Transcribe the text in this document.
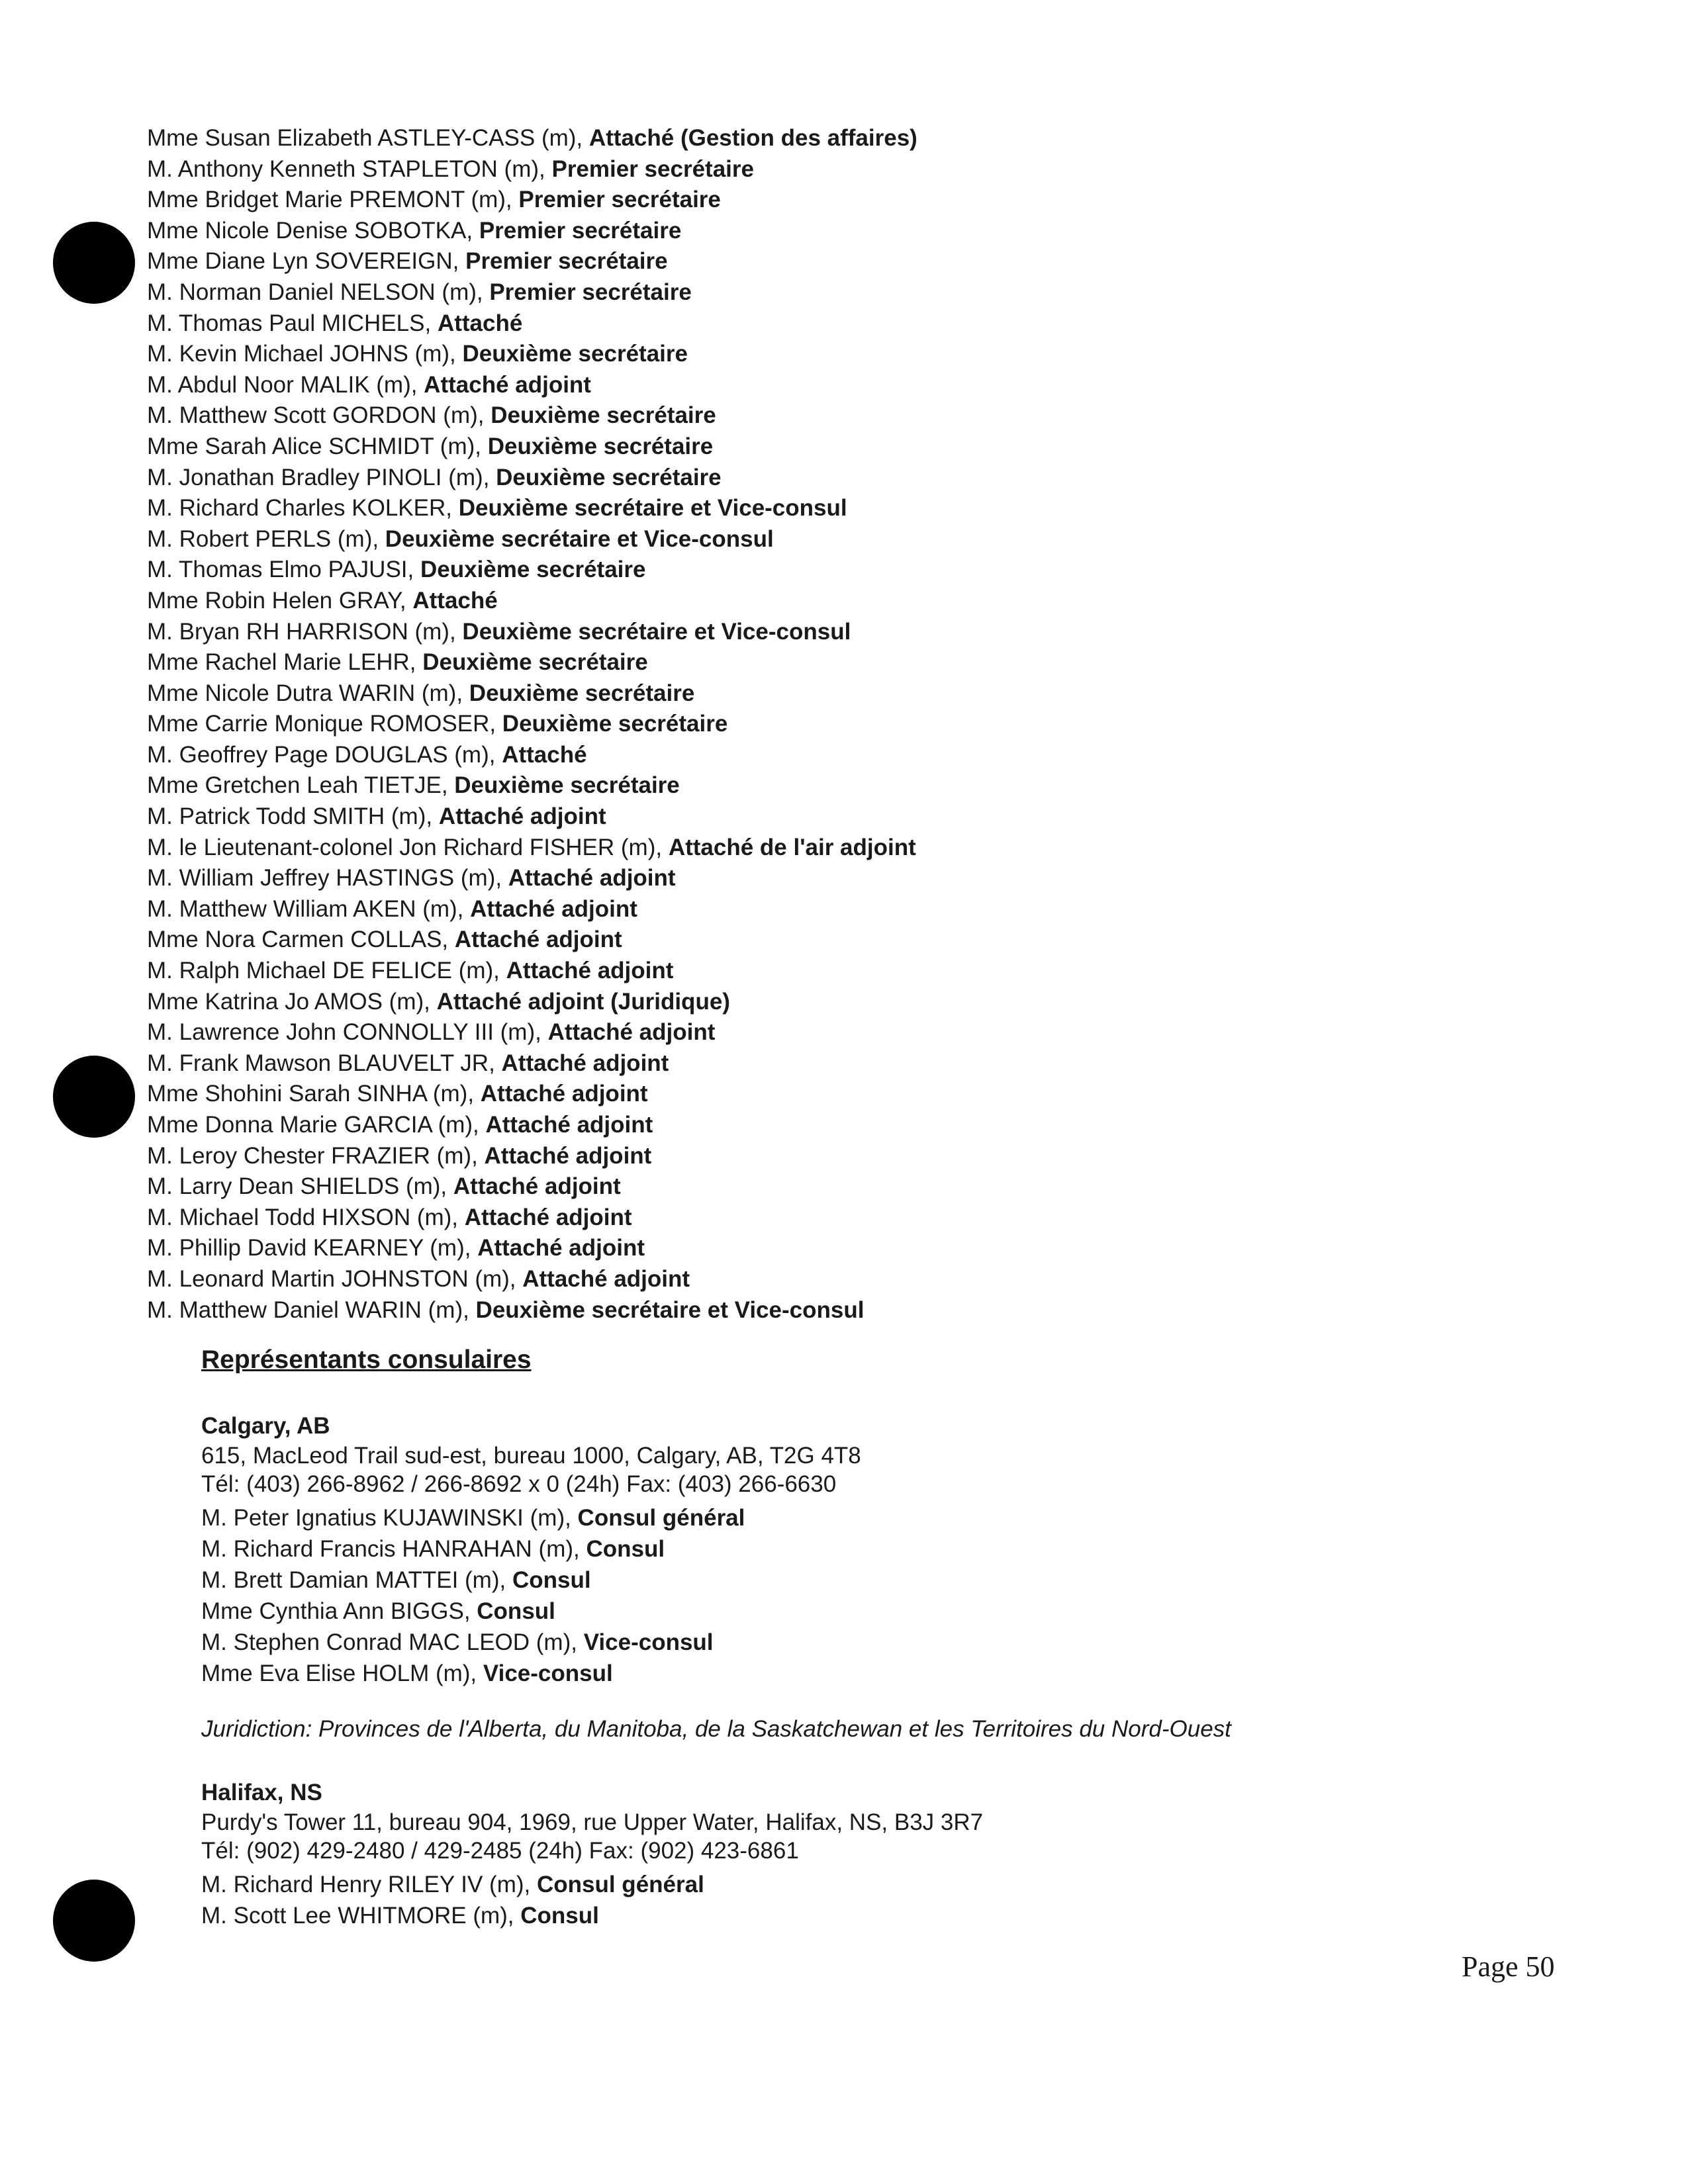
Mme Susan Elizabeth ASTLEY-CASS (m), Attaché (Gestion des affaires)
M. Anthony Kenneth STAPLETON (m), Premier secrétaire
Mme Bridget Marie PREMONT (m), Premier secrétaire
Mme Nicole Denise SOBOTKA, Premier secrétaire
Mme Diane Lyn SOVEREIGN, Premier secrétaire
M. Norman Daniel NELSON (m), Premier secrétaire
M. Thomas Paul MICHELS, Attaché
M. Kevin Michael JOHNS (m), Deuxième secrétaire
M. Abdul Noor MALIK (m), Attaché adjoint
M. Matthew Scott GORDON (m), Deuxième secrétaire
Mme Sarah Alice SCHMIDT (m), Deuxième secrétaire
M. Jonathan Bradley PINOLI (m), Deuxième secrétaire
M. Richard Charles KOLKER, Deuxième secrétaire et Vice-consul
M. Robert PERLS (m), Deuxième secrétaire et Vice-consul
M. Thomas Elmo PAJUSI, Deuxième secrétaire
Mme Robin Helen GRAY, Attaché
M. Bryan RH HARRISON (m), Deuxième secrétaire et Vice-consul
Mme Rachel Marie LEHR, Deuxième secrétaire
Mme Nicole Dutra WARIN (m), Deuxième secrétaire
Mme Carrie Monique ROMOSER, Deuxième secrétaire
M. Geoffrey Page DOUGLAS (m), Attaché
Mme Gretchen Leah TIETJE, Deuxième secrétaire
M. Patrick Todd SMITH (m), Attaché adjoint
M. le Lieutenant-colonel Jon Richard FISHER (m), Attaché de l'air adjoint
M. William Jeffrey HASTINGS (m), Attaché adjoint
M. Matthew William AKEN (m), Attaché adjoint
Mme Nora Carmen COLLAS, Attaché adjoint
M. Ralph Michael DE FELICE (m), Attaché adjoint
Mme Katrina Jo AMOS (m), Attaché adjoint (Juridique)
M. Lawrence John CONNOLLY III (m), Attaché adjoint
M. Frank Mawson BLAUVELT JR, Attaché adjoint
Mme Shohini Sarah SINHA (m), Attaché adjoint
Mme Donna Marie GARCIA (m), Attaché adjoint
M. Leroy Chester FRAZIER (m), Attaché adjoint
M. Larry Dean SHIELDS (m), Attaché adjoint
M. Michael Todd HIXSON (m), Attaché adjoint
M. Phillip David KEARNEY (m), Attaché adjoint
M. Leonard Martin JOHNSTON (m), Attaché adjoint
M. Matthew Daniel WARIN (m), Deuxième secrétaire et Vice-consul
Représentants consulaires
Calgary, AB
615, MacLeod Trail sud-est, bureau 1000, Calgary, AB, T2G 4T8
Tél: (403) 266-8962 / 266-8692 x 0 (24h) Fax: (403) 266-6630
M. Peter Ignatius KUJAWINSKI (m), Consul général
M. Richard Francis HANRAHAN (m), Consul
M. Brett Damian MATTEI (m), Consul
Mme Cynthia Ann BIGGS, Consul
M. Stephen Conrad MAC LEOD (m), Vice-consul
Mme Eva Elise HOLM (m), Vice-consul
Juridiction: Provinces de l'Alberta, du Manitoba, de la Saskatchewan et les Territoires du Nord-Ouest
Halifax, NS
Purdy's Tower 11, bureau 904, 1969, rue Upper Water, Halifax, NS, B3J 3R7
Tél: (902) 429-2480 / 429-2485 (24h) Fax: (902) 423-6861
M. Richard Henry RILEY IV (m), Consul général
M. Scott Lee WHITMORE (m), Consul
Page 50
